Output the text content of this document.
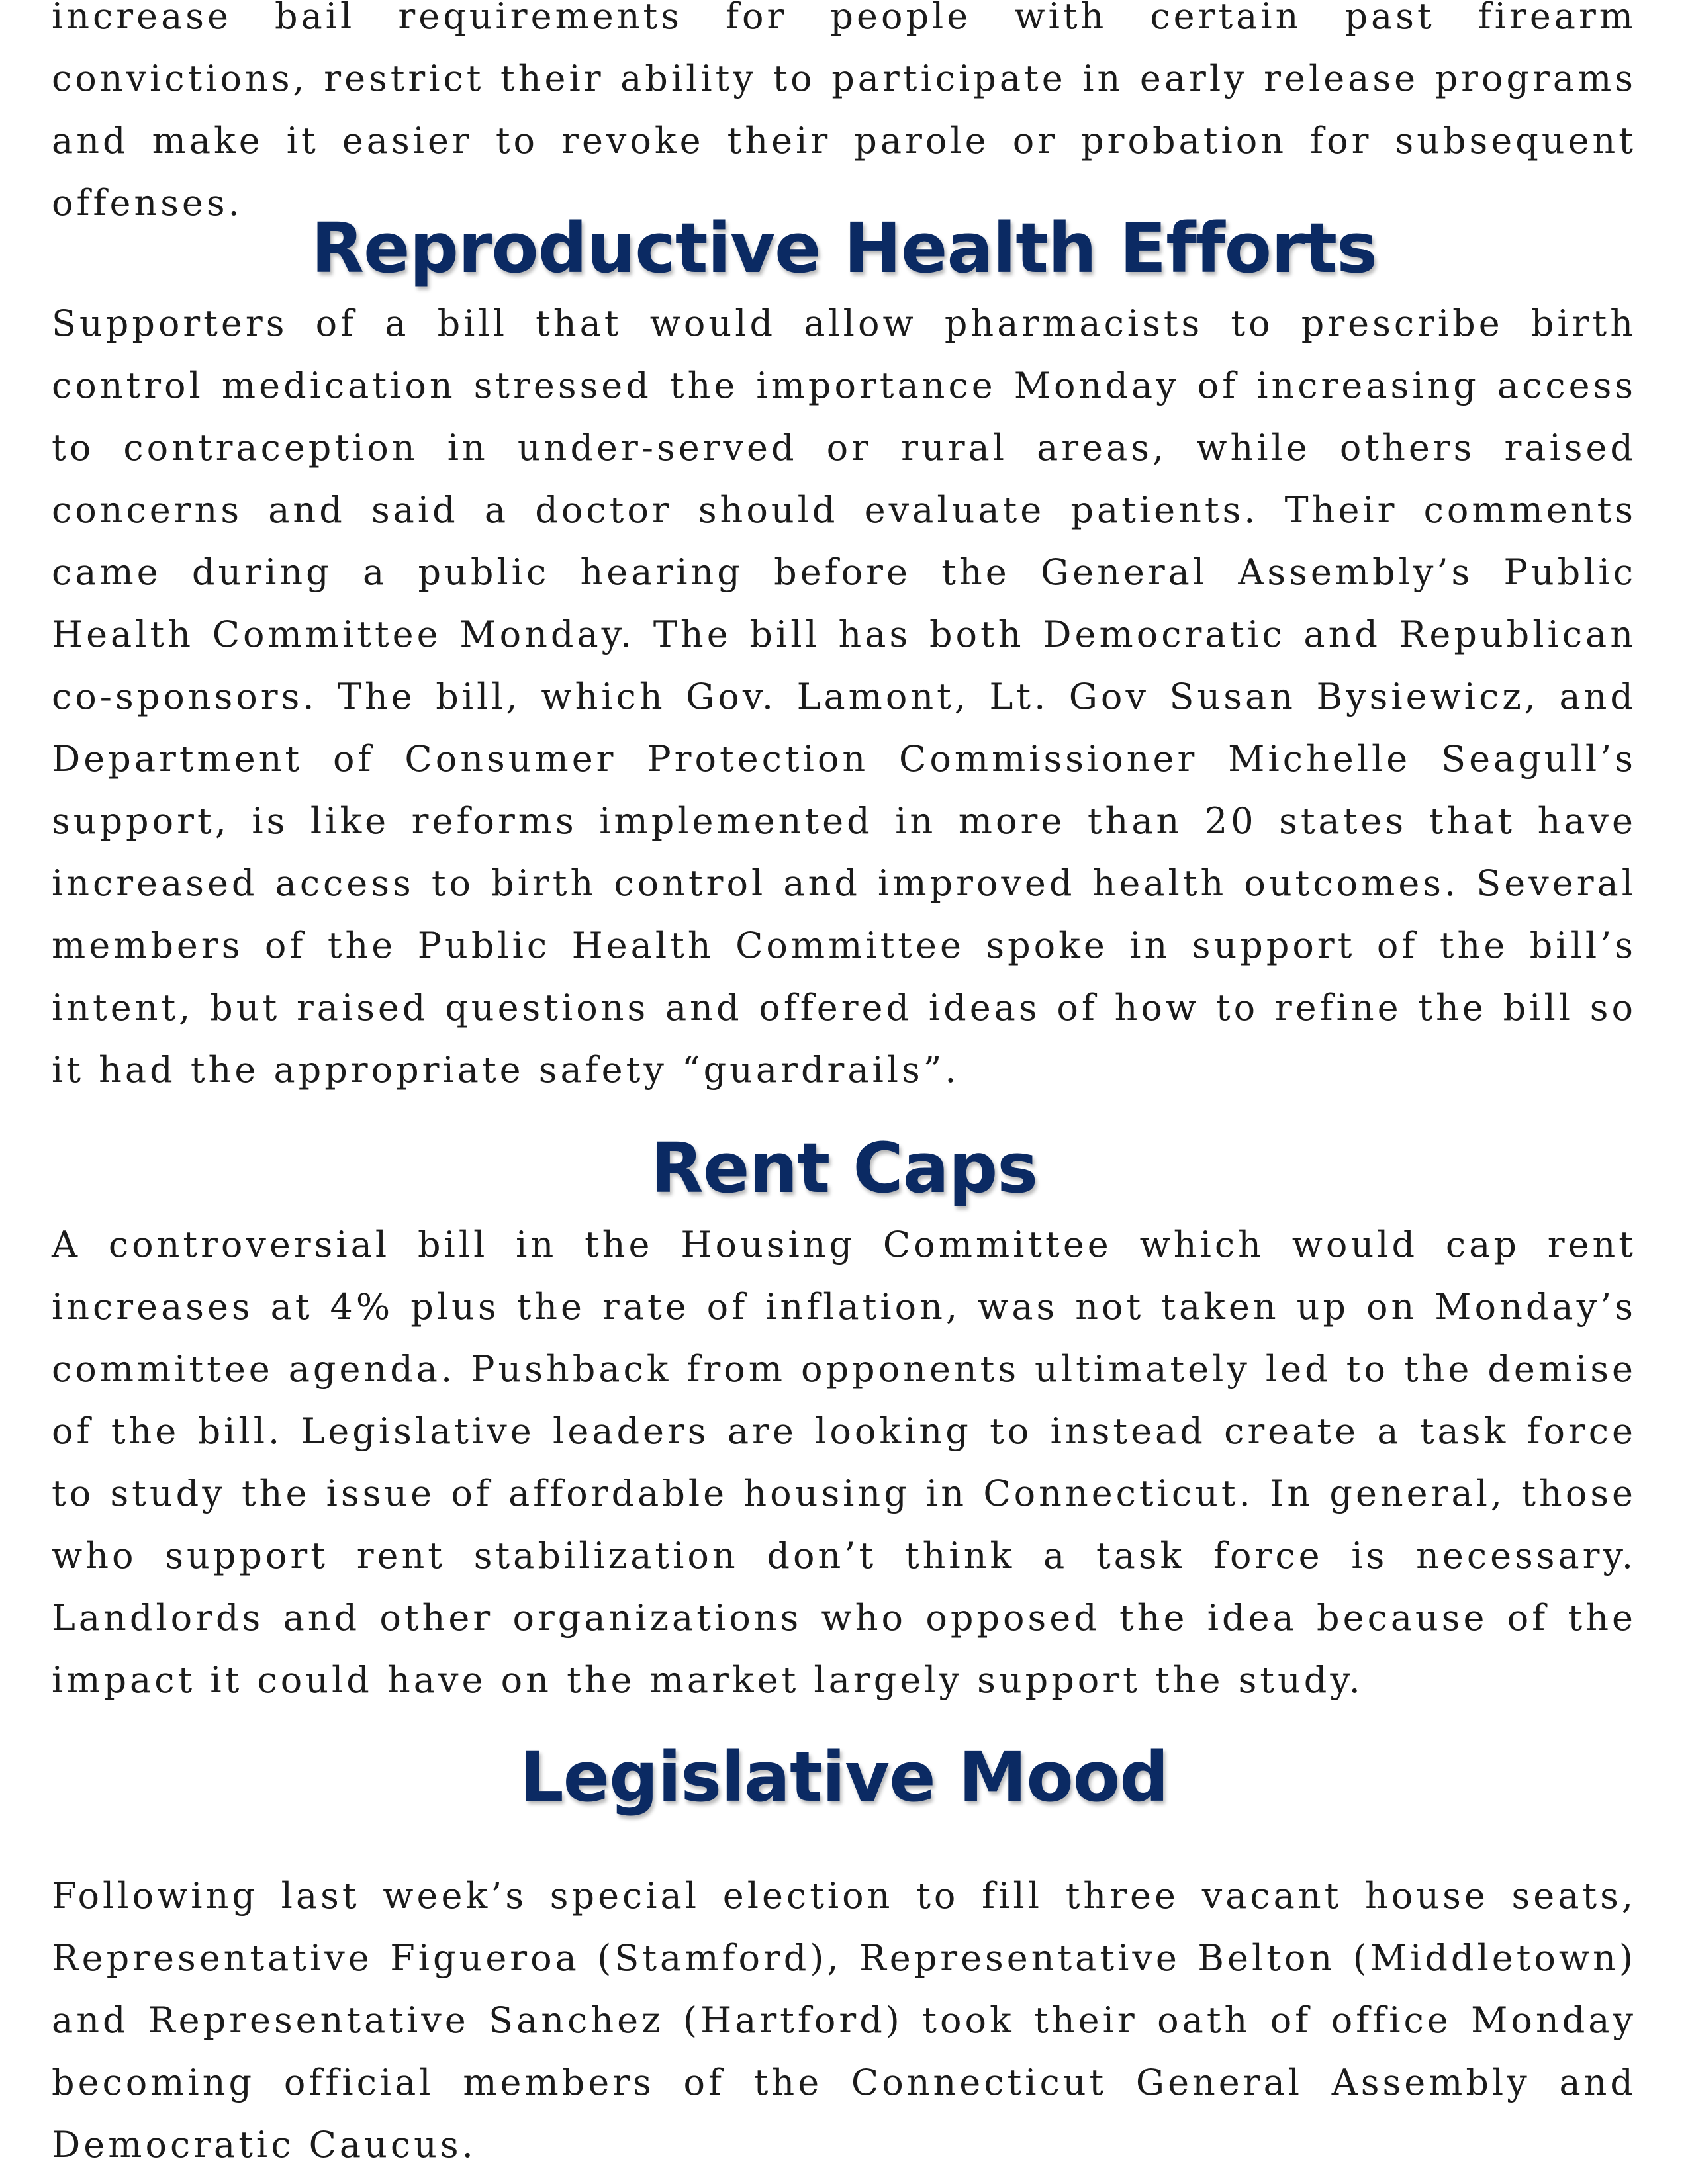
increase bail requirements for people with certain past firearm convictions, restrict their ability to participate in early release programs and make it easier to revoke their parole or probation for subsequent offenses.

Reproductive Health Efforts

Supporters of a bill that would allow pharmacists to prescribe birth control medication stressed the importance Monday of increasing access to contraception in under-served or rural areas, while others raised concerns and said a doctor should evaluate patients. Their comments came during a public hearing before the General Assembly’s Public Health Committee Monday. The bill has both Democratic and Republican co-sponsors. The bill, which Gov. Lamont, Lt. Gov Susan Bysiewicz, and Department of Consumer Protection Commissioner Michelle Seagull’s support, is like reforms implemented in more than 20 states that have increased access to birth control and improved health outcomes. Several members of the Public Health Committee spoke in support of the bill’s intent, but raised questions and offered ideas of how to refine the bill so it had the appropriate safety “guardrails”.

Rent Caps

A controversial bill in the Housing Committee which would cap rent increases at 4% plus the rate of inflation, was not taken up on Monday’s committee agenda. Pushback from opponents ultimately led to the demise of the bill. Legislative leaders are looking to instead create a task force to study the issue of affordable housing in Connecticut. In general, those who support rent stabilization don’t think a task force is necessary. Landlords and other organizations who opposed the idea because of the impact it could have on the market largely support the study.

Legislative Mood

Following last week’s special election to fill three vacant house seats, Representative Figueroa (Stamford), Representative Belton (Middletown) and Representative Sanchez (Hartford) took their oath of office Monday becoming official members of the Connecticut General Assembly and Democratic Caucus.
